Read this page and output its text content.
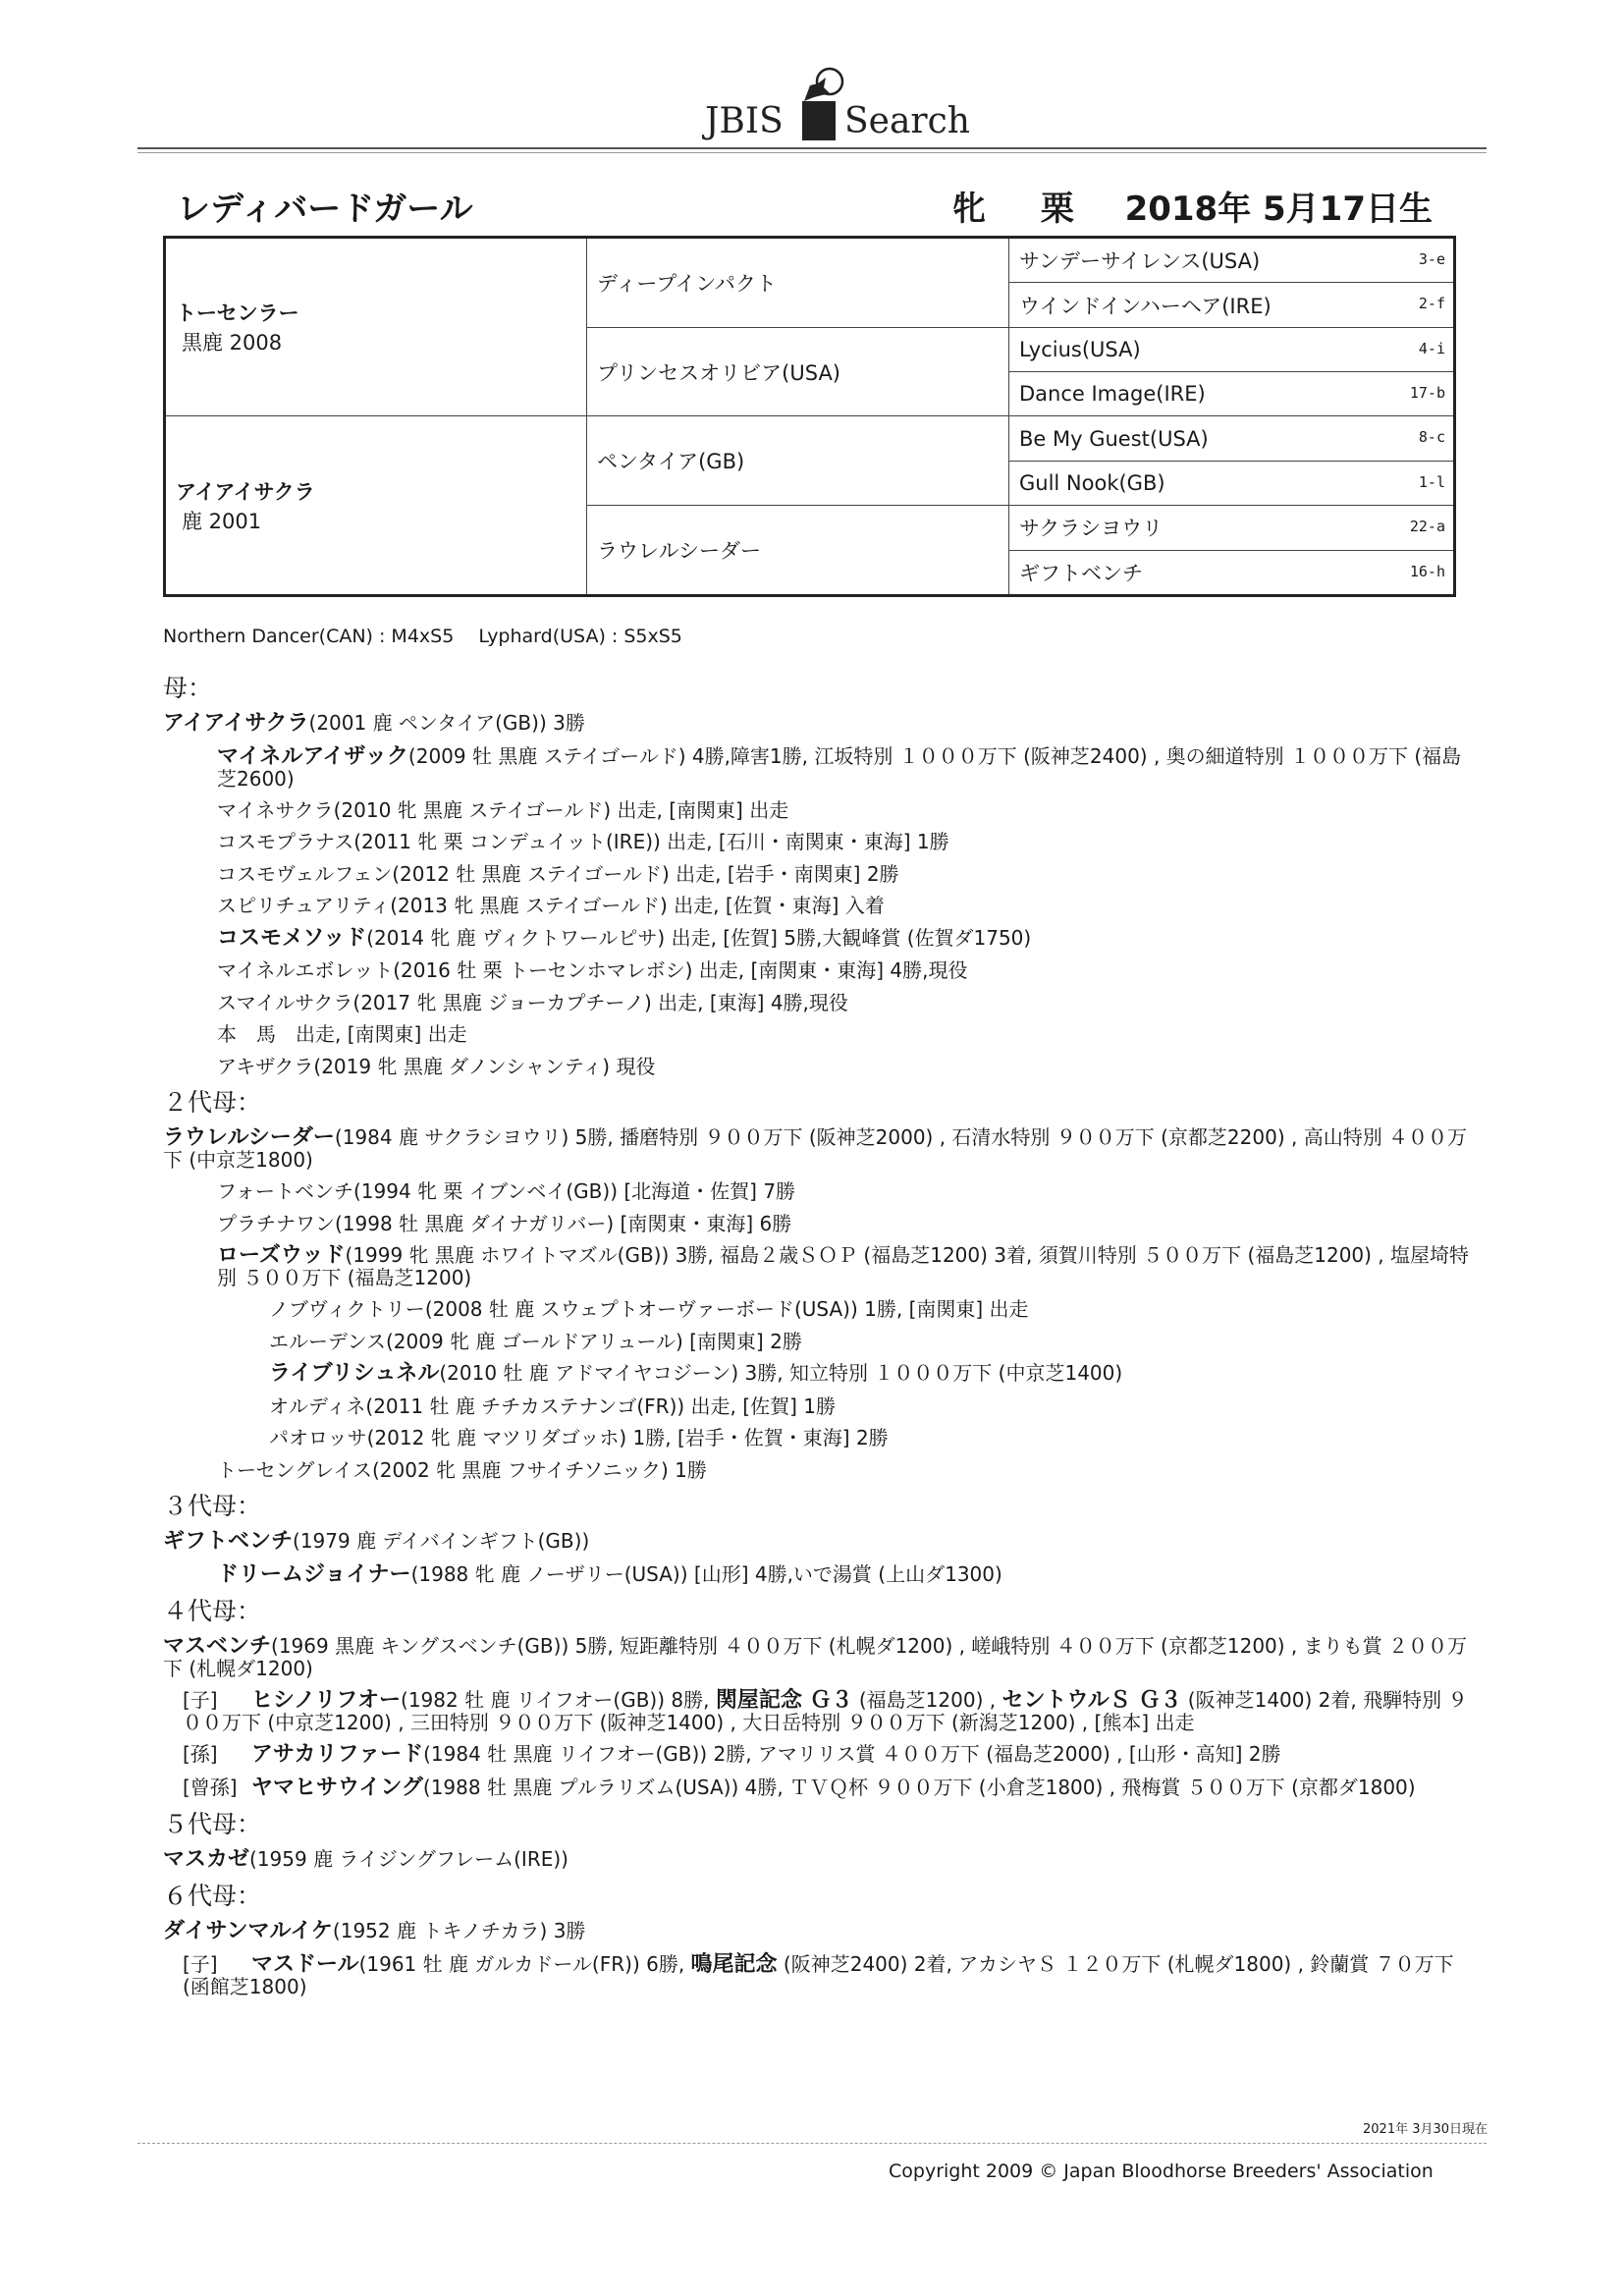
JBIS Search
レディバードガール	牝 栗 2018年 5月17日生
トーセンラー
黒鹿 2008	ディープインパクト	サンデーサイレンス(USA) 3-e

		ウインドインハーヘア(IRE) 2-f

	プリンセスオリビア(USA)	Lycius(USA) 4-i

		Dance Image(IRE) 17-b

アイアイサクラ
鹿 2001	ペンタイア(GB)	Be My Guest(USA) 8-c

		Gull Nook(GB) 1-l

	ラウレルシーダー	サクラシヨウリ 22-a

		ギフトベンチ 16-h
Northern Dancer(CAN) : M4xS5 　Lyphard(USA) : S5xS5
母：
アイアイサクラ(2001 鹿 ペンタイア(GB)) 3勝
マイネルアイザック(2009 牡 黒鹿 ステイゴールド) 4勝,障害1勝, 江坂特別 １０００万下 (阪神芝2400) , 奥の細道特別 １０００万下 (福島芝2600)
マイネサクラ(2010 牝 黒鹿 ステイゴールド) 出走, [南関東] 出走
コスモプラナス(2011 牝 栗 コンデュイット(IRE)) 出走, [石川・南関東・東海] 1勝
コスモヴェルフェン(2012 牡 黒鹿 ステイゴールド) 出走, [岩手・南関東] 2勝
スピリチュアリティ(2013 牝 黒鹿 ステイゴールド) 出走, [佐賀・東海] 入着
コスモメソッド(2014 牝 鹿 ヴィクトワールピサ) 出走, [佐賀] 5勝,大観峰賞 (佐賀ダ1750)
マイネルエボレット(2016 牡 栗 トーセンホマレボシ) 出走, [南関東・東海] 4勝,現役
スマイルサクラ(2017 牝 黒鹿 ジョーカプチーノ) 出走, [東海] 4勝,現役
本　馬　出走, [南関東] 出走
アキザクラ(2019 牝 黒鹿 ダノンシャンティ) 現役
２代母：
ラウレルシーダー(1984 鹿 サクラシヨウリ) 5勝, 播磨特別 ９００万下 (阪神芝2000) , 石清水特別 ９００万下 (京都芝2200) , 高山特別 ４００万下 (中京芝1800)
フォートベンチ(1994 牝 栗 イブンベイ(GB)) [北海道・佐賀] 7勝
プラチナワン(1998 牡 黒鹿 ダイナガリバー) [南関東・東海] 6勝
ローズウッド(1999 牝 黒鹿 ホワイトマズル(GB)) 3勝, 福島２歳ＳＯＰ (福島芝1200) 3着, 須賀川特別 ５００万下 (福島芝1200) , 塩屋埼特別 ５００万下 (福島芝1200)
ノブヴィクトリー(2008 牡 鹿 スウェプトオーヴァーボード(USA)) 1勝, [南関東] 出走
エルーデンス(2009 牝 鹿 ゴールドアリュール) [南関東] 2勝
ライブリシュネル(2010 牡 鹿 アドマイヤコジーン) 3勝, 知立特別 １０００万下 (中京芝1400)
オルディネ(2011 牡 鹿 チチカステナンゴ(FR)) 出走, [佐賀] 1勝
パオロッサ(2012 牝 鹿 マツリダゴッホ) 1勝, [岩手・佐賀・東海] 2勝
トーセングレイス(2002 牝 黒鹿 フサイチソニック) 1勝
３代母：
ギフトベンチ(1979 鹿 デイバインギフト(GB))
ドリームジョイナー(1988 牝 鹿 ノーザリー(USA)) [山形] 4勝,いで湯賞 (上山ダ1300)
４代母：
マスベンチ(1969 黒鹿 キングスベンチ(GB)) 5勝, 短距離特別 ４００万下 (札幌ダ1200) , 嵯峨特別 ４００万下 (京都芝1200) , まりも賞 ２００万下 (札幌ダ1200)
[子] ヒシノリフオー(1982 牡 鹿 リイフオー(GB)) 8勝, 関屋記念 Ｇ３ (福島芝1200) , セントウルＳ Ｇ３ (阪神芝1400) 2着, 飛騨特別 ９００万下 (中京芝1200) , 三田特別 ９００万下 (阪神芝1400) , 大日岳特別 ９００万下 (新潟芝1200) , [熊本] 出走
[孫] アサカリファード(1984 牡 黒鹿 リイフオー(GB)) 2勝, アマリリス賞 ４００万下 (福島芝2000) , [山形・高知] 2勝
[曾孫] ヤマヒサウイング(1988 牡 黒鹿 プルラリズム(USA)) 4勝, ＴＶＱ杯 ９００万下 (小倉芝1800) , 飛梅賞 ５００万下 (京都ダ1800)
５代母：
マスカゼ(1959 鹿 ライジングフレーム(IRE))
６代母：
ダイサンマルイケ(1952 鹿 トキノチカラ) 3勝
[子] マスドール(1961 牡 鹿 ガルカドール(FR)) 6勝, 鳴尾記念 (阪神芝2400) 2着, アカシヤＳ １２０万下 (札幌ダ1800) , 鈴蘭賞 ７０万下 (函館芝1800)
2021年 3月30日現在
Copyright 2009 © Japan Bloodhorse Breeders' Association
